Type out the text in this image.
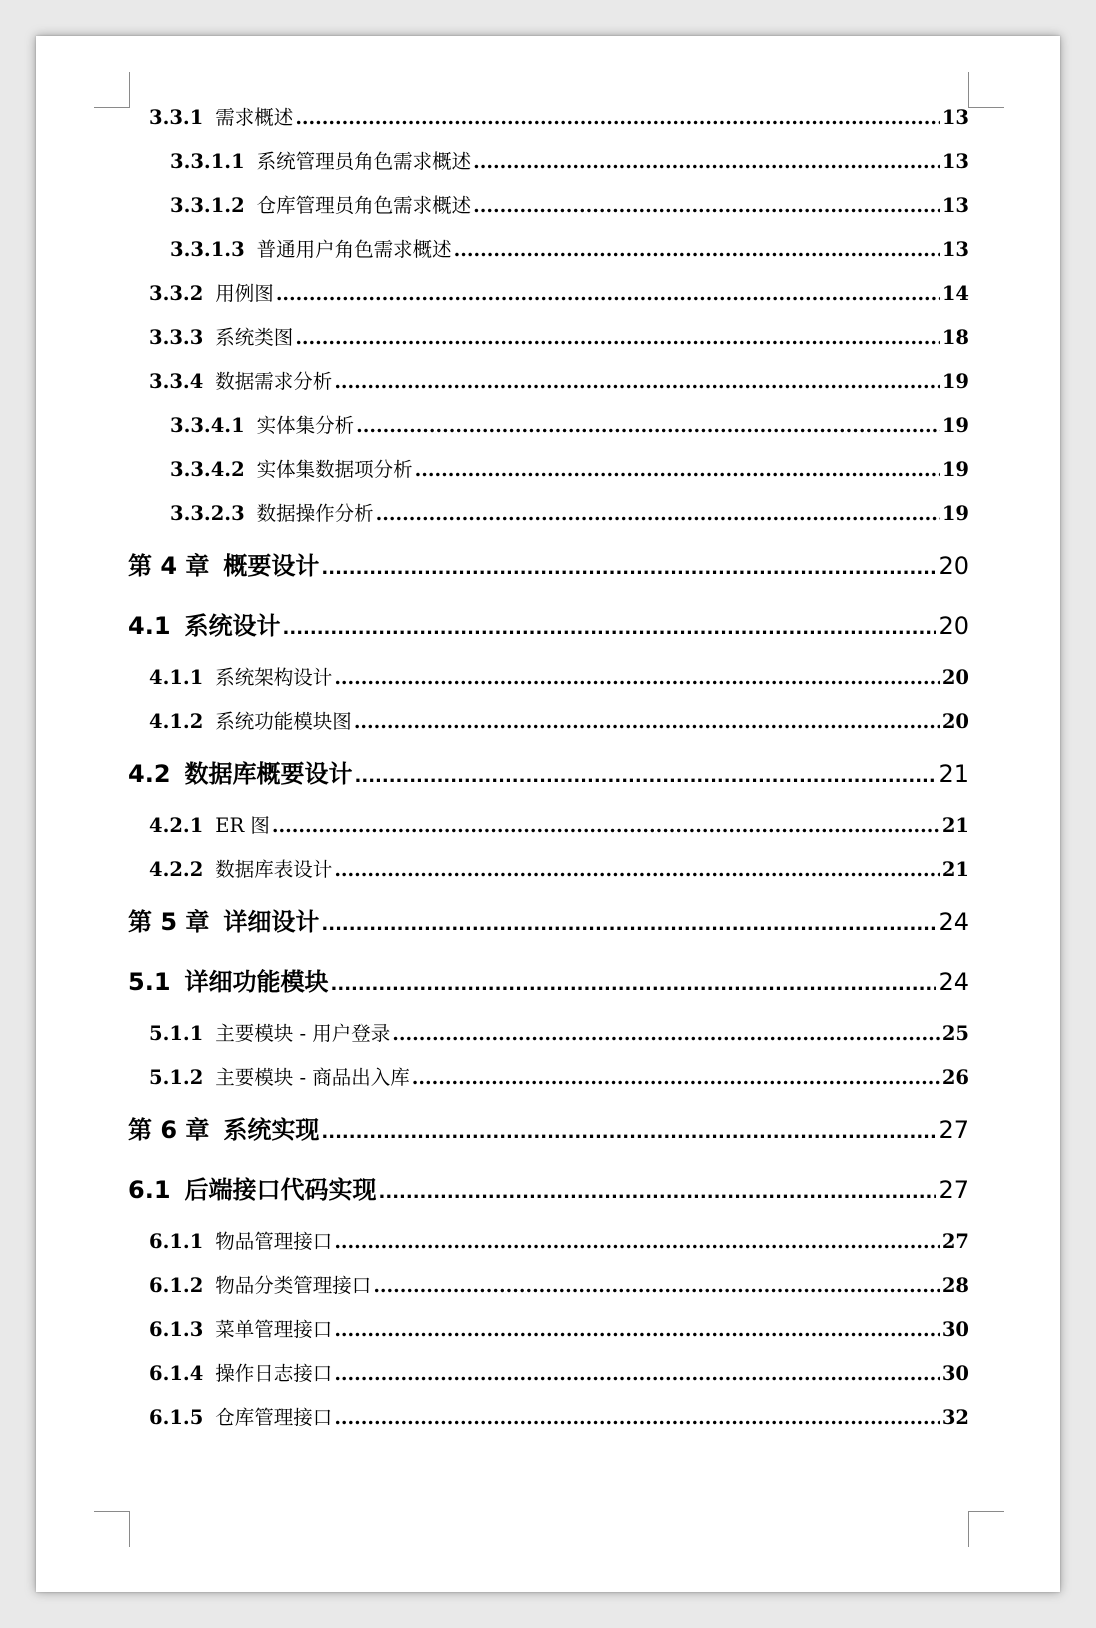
3.3.1 需求概述 .....	13
3.3.1.1 系统管理员角色需求概述 .....	13
3.3.1.2 仓库管理员角色需求概述 .....	13
3.3.1.3 普通用户角色需求概述 .....	13
3.3.2 用例图 .....	14
3.3.3 系统类图 .....	18
3.3.4 数据需求分析 .....	19
3.3.4.1 实体集分析 .....	19
3.3.4.2 实体集数据项分析 .....	19
3.3.2.3 数据操作分析 .....	19
第 4 章 概要设计 .....	20
4.1 系统设计 .....	20
4.1.1 系统架构设计 .....	20
4.1.2 系统功能模块图 .....	20
4.2 数据库概要设计 .....	21
4.2.1 ER 图 .....	21
4.2.2 数据库表设计 .....	21
第 5 章 详细设计 .....	24
5.1 详细功能模块 .....	24
5.1.1 主要模块 - 用户登录 .....	25
5.1.2 主要模块 - 商品出入库 .....	26
第 6 章 系统实现 .....	27
6.1 后端接口代码实现 .....	27
6.1.1 物品管理接口 .....	27
6.1.2 物品分类管理接口 .....	28
6.1.3 菜单管理接口 .....	30
6.1.4 操作日志接口 .....	30
6.1.5 仓库管理接口 .....	32
